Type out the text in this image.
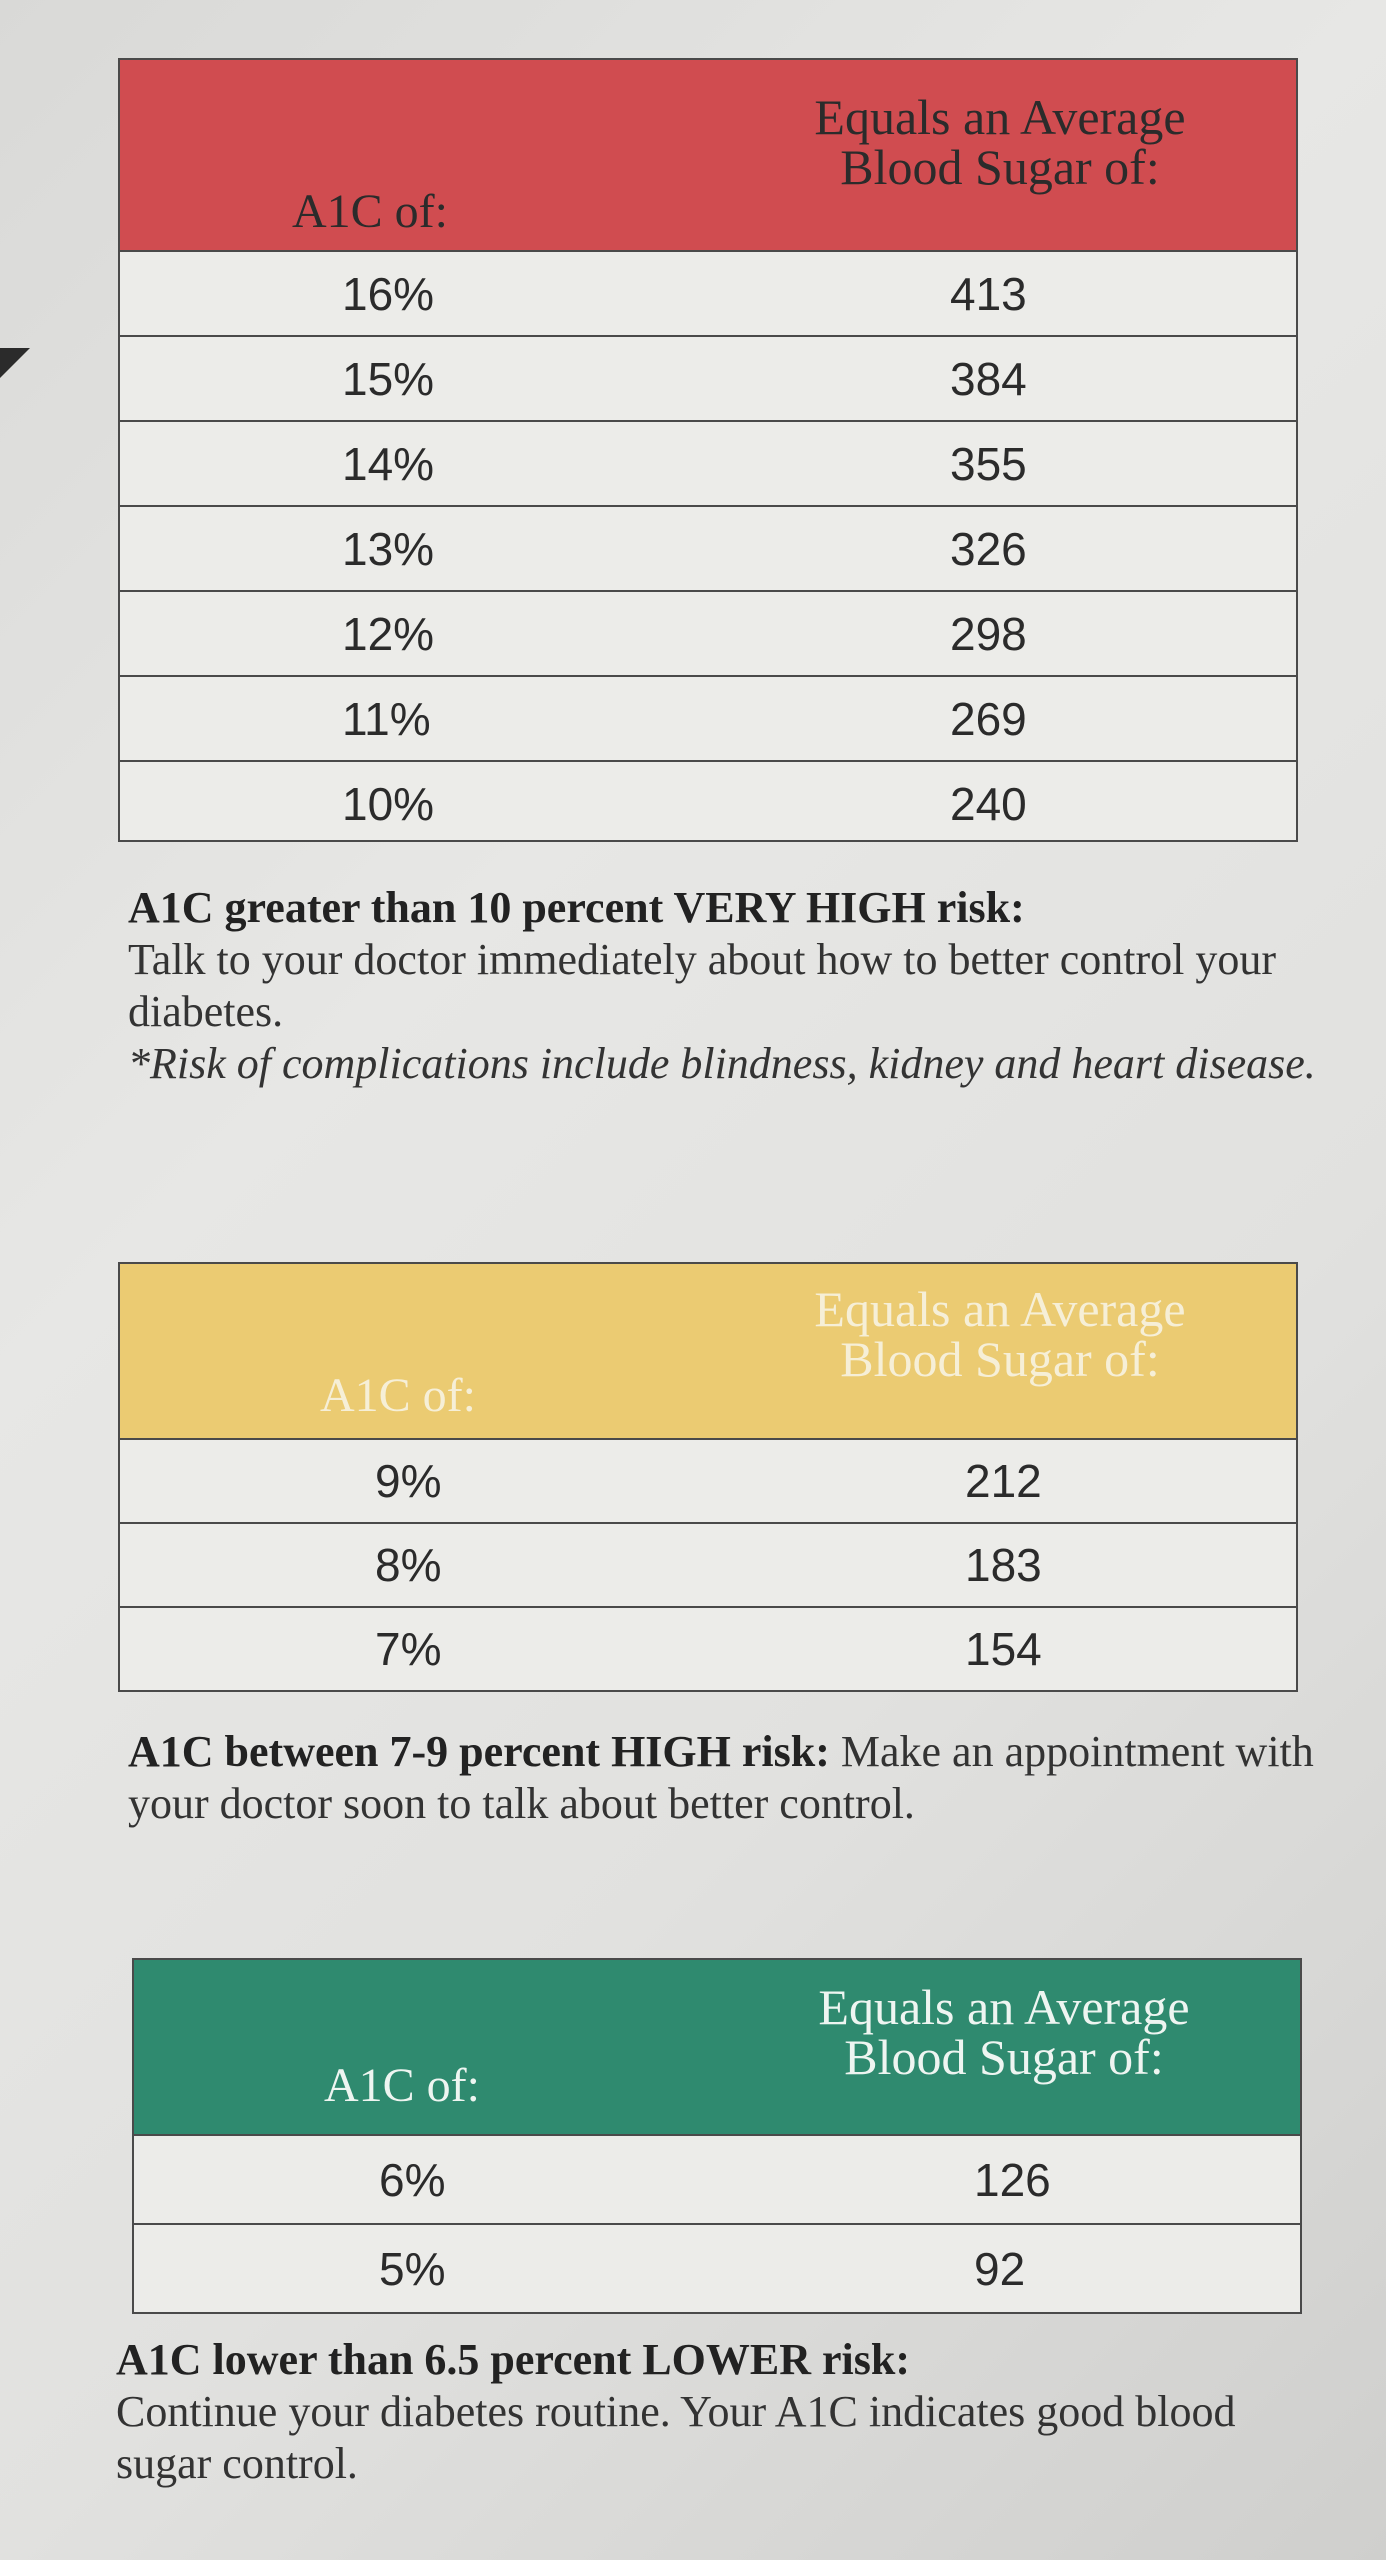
A1C of:
Equals an Average
Blood Sugar of:
16%	413
15%	384
14%	355
13%	326
12%	298
11%	269
10%	240
A1C greater than 10 percent VERY HIGH risk:
Talk to your doctor immediately about how to better control your diabetes.
*Risk of complications include blindness, kidney and heart disease.
A1C of:
Equals an Average
Blood Sugar of:
9%	212
8%	183
7%	154
A1C between 7-9 percent HIGH risk: Make an appointment with your doctor soon to talk about better control.
A1C of:
Equals an Average
Blood Sugar of:
6%	126
5%	92
A1C lower than 6.5 percent LOWER risk:
Continue your diabetes routine. Your A1C indicates good blood sugar control.
